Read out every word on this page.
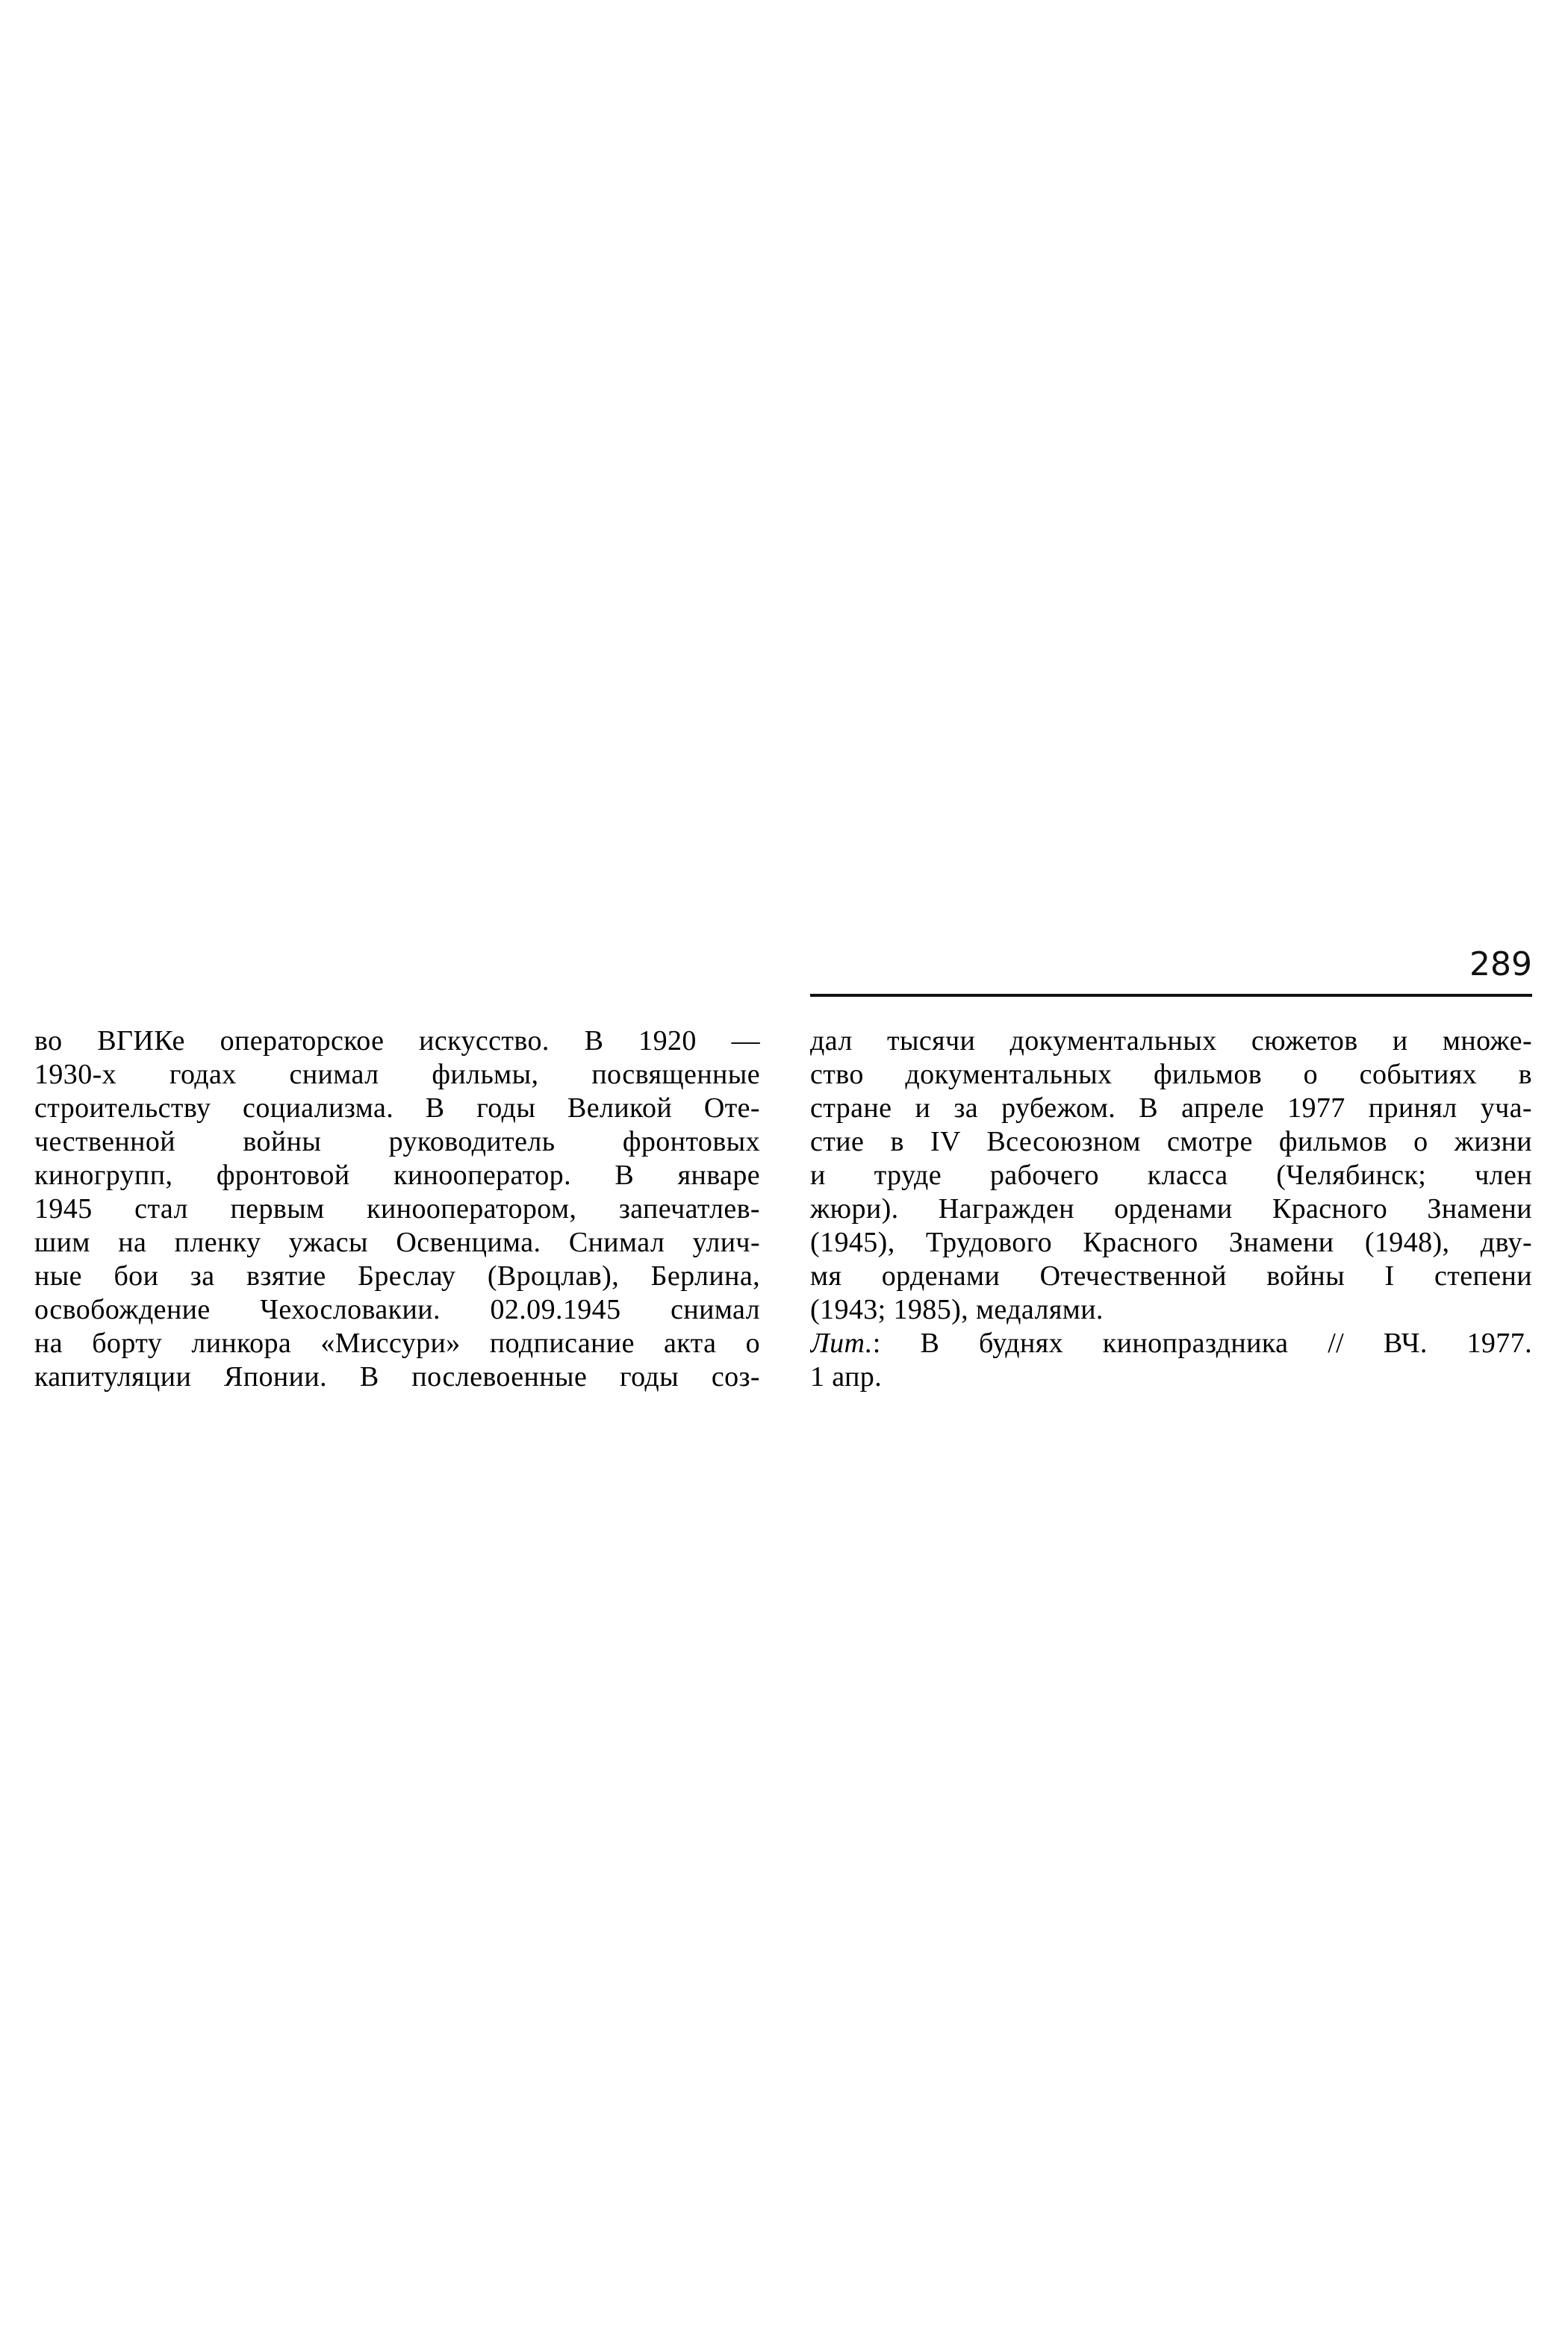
289
во ВГИКе операторское искусство. В 1920 —
1930-х годах снимал фильмы, посвященные
строительству социализма. В годы Великой Оте-
чественной войны руководитель фронтовых
киногрупп, фронтовой кинооператор. В январе
1945 стал первым кинооператором, запечатлев-
шим на пленку ужасы Освенцима. Снимал улич-
ные бои за взятие Бреслау (Вроцлав), Берлина,
освобождение Чехословакии. 02.09.1945 снимал
на борту линкора «Миссури» подписание акта о
капитуляции Японии. В послевоенные годы соз-
дал тысячи документальных сюжетов и множе-
ство документальных фильмов о событиях в
стране и за рубежом. В апреле 1977 принял уча-
стие в IV Всесоюзном смотре фильмов о жизни
и труде рабочего класса (Челябинск; член
жюри). Награжден орденами Красного Знамени
(1945), Трудового Красного Знамени (1948), дву-
мя орденами Отечественной войны I степени
(1943; 1985), медалями.
Лит.: В буднях кинопраздника // ВЧ. 1977.
1 апр.
